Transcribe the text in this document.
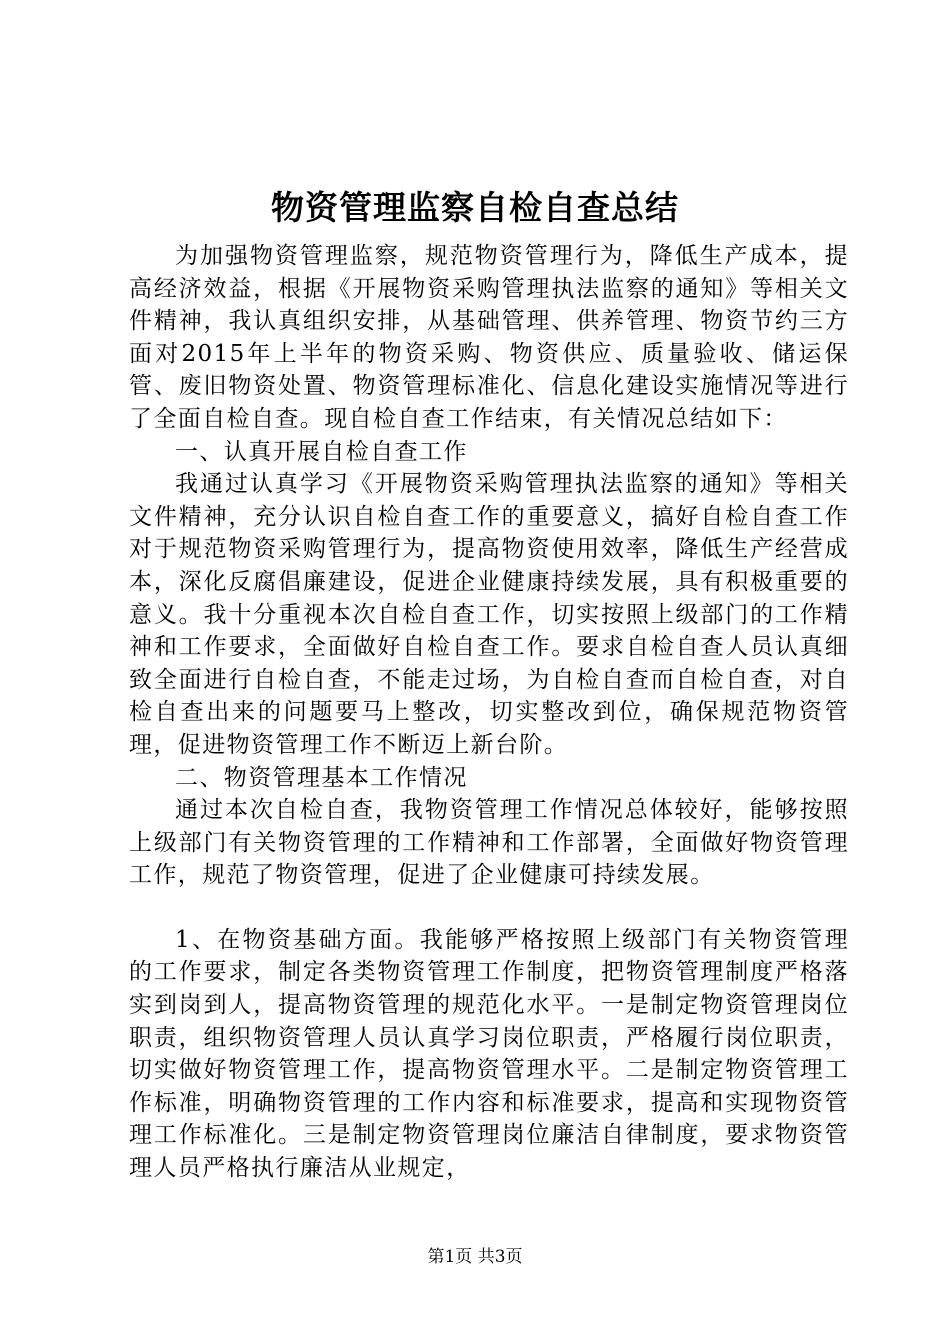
物资管理监察自检自查总结

为加强物资管理监察，规范物资管理行为，降低生产成本，提高经济效益，根据《开展物资采购管理执法监察的通知》等相关文件精神，我认真组织安排，从基础管理、供养管理、物资节约三方面对2015年上半年的物资采购、物资供应、质量验收、储运保管、废旧物资处置、物资管理标准化、信息化建设实施情况等进行了全面自检自查。现自检自查工作结束，有关情况总结如下：

一、认真开展自检自查工作

我通过认真学习《开展物资采购管理执法监察的通知》等相关文件精神，充分认识自检自查工作的重要意义，搞好自检自查工作对于规范物资采购管理行为，提高物资使用效率，降低生产经营成本，深化反腐倡廉建设，促进企业健康持续发展，具有积极重要的意义。我十分重视本次自检自查工作，切实按照上级部门的工作精神和工作要求，全面做好自检自查工作。要求自检自查人员认真细致全面进行自检自查，不能走过场，为自检自查而自检自查，对自检自查出来的问题要马上整改，切实整改到位，确保规范物资管理，促进物资管理工作不断迈上新台阶。

二、物资管理基本工作情况

通过本次自检自查，我物资管理工作情况总体较好，能够按照上级部门有关物资管理的工作精神和工作部署，全面做好物资管理工作，规范了物资管理，促进了企业健康可持续发展。

1、在物资基础方面。我能够严格按照上级部门有关物资管理的工作要求，制定各类物资管理工作制度，把物资管理制度严格落实到岗到人，提高物资管理的规范化水平。一是制定物资管理岗位职责，组织物资管理人员认真学习岗位职责，严格履行岗位职责，切实做好物资管理工作，提高物资管理水平。二是制定物资管理工作标准，明确物资管理的工作内容和标准要求，提高和实现物资管理工作标准化。三是制定物资管理岗位廉洁自律制度，要求物资管理人员严格执行廉洁从业规定，

第1页 共3页
